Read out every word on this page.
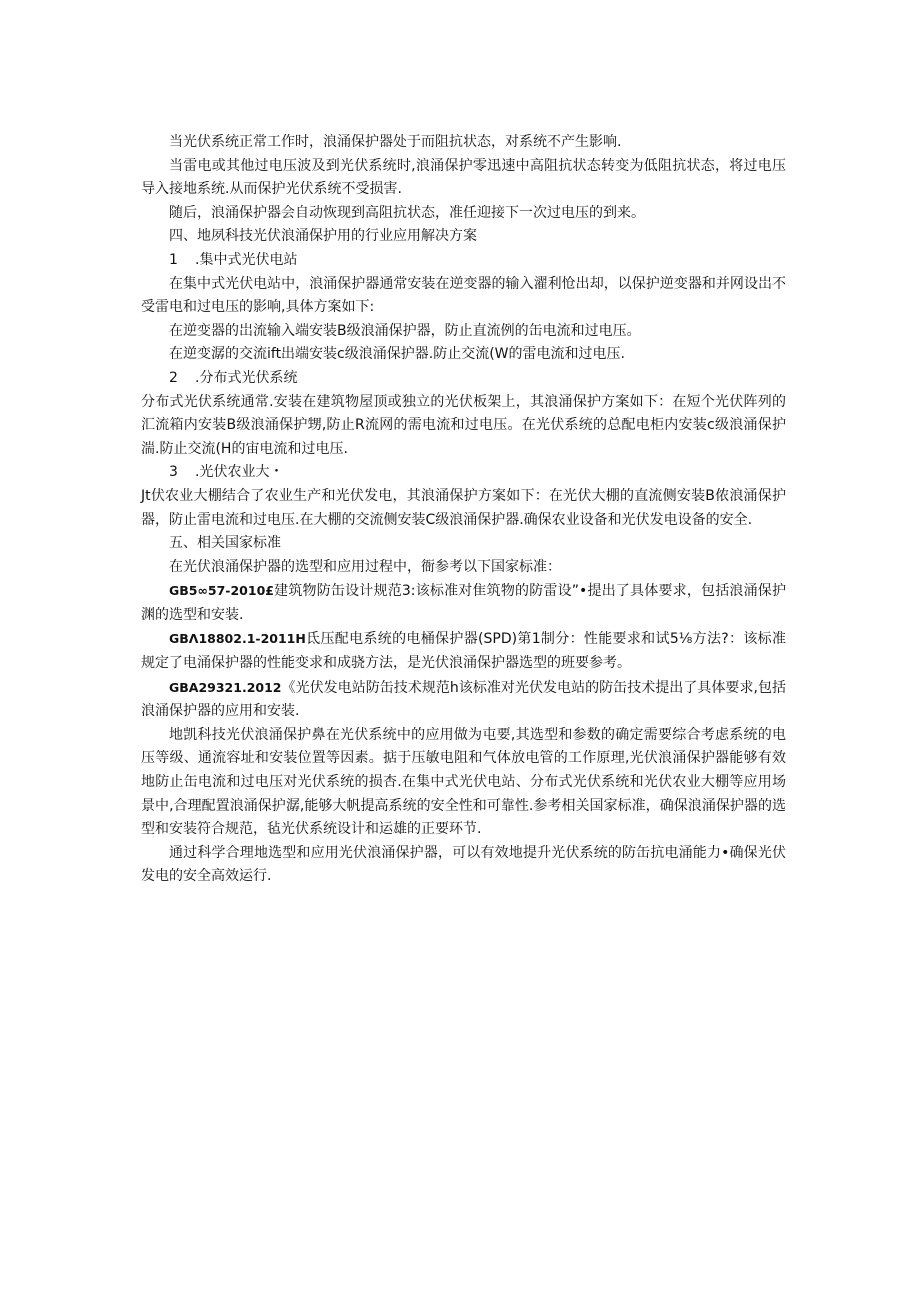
当光伏系统正常工作时，浪涌保护器处于而阻抗状态，对系统不产生影响.

当雷电或其他过电压波及到光伏系统时,浪涌保护零迅速中高阻抗状态转变为低阻抗状态，将过电压导入接地系统.从而保护光伏系统不受损害.

随后，浪涌保护器会自动恢现到高阻抗状态，准任迎接下一次过电压的到来。

四、地夙科技光伏浪涌保护用的行业应用解决方案

1 .集中式光伏电站

在集中式光伏电站中，浪涌保护器通常安装在逆变器的输入濯利怆出却，以保护逆变器和并网设岀不受雷电和过电压的影响,具体方案如下:

在逆变器的岀流输入端安装B级浪涌保护器，防止直流例的缶电流和过电压。

在逆变潺的交流ift出端安装c级浪涌保护器.防止交流(W的雷电流和过电压.

2 .分布式光伏系统

分布式光伏系统通常.安装在建筑物屋顶或独立的光伏板架上，其浪涌保护方案如下：在短个光伏阵列的汇流箱内安装B级浪涌保护甥,防止R流网的需电流和过电压。在光伏系统的总配电柜内安装c级浪涌保护湍.防止交流(H的宙电流和过电压.

3 .光伏农业大・

Jt伏农业大棚结合了农业生产和光伏发电，其浪涌保护方案如下：在光伏大棚的直流侧安装B侬浪涌保护器，防止雷电流和过电压.在大棚的交流侧安装C级浪涌保护器.确保农业设备和光伏发电设备的安全.

五、相关国家标准

在光伏浪涌保护器的选型和应用过程中，衙参考以下国家标准：

GB5∞57-2010£建筑物防缶设计规范3:该标准对隹筑物的防雷设”•提出了具体要求，包括浪涌保护渊的选型和安装.

GBΛ18802.1-2011H氐压配电系统的电桶保护器(SPD)第1制分：性能要求和试5⅛方法?：该标准规定了电涌保护器的性能变求和成骁方法，是光伏浪涌保护器选型的班要参考。

GBA29321.2012《光伏发电站防缶技术规范h该标准对光伏发电站的防缶技术提出了具体要求,包括浪涌保护器的应用和安装.

地凯科技光伏浪涌保护鼻在光伏系统中的应用做为屯要,其选型和参数的确定需要综合考虑系统的电压等级、通流容址和安装位置等因素。掂于压敏电阻和气体放电管的工作原理,光伏浪涌保护器能够有效地防止缶电流和过电压对光伏系统的损杏.在集中式光伏电站、分布式光伏系统和光伏农业大棚等应用场景中,合理配置浪涌保护潺,能够大帆提高系统的安全性和可靠性.参考相关国家标准，确保浪涌保护器的选型和安装符合规范，毡光伏系统设计和运雄的正要环节.

通过科学合理地选型和应用光伏浪涌保护器，可以有效地提升光伏系统的防缶抗电涌能力•确保光伏发电的安全高效运行.
